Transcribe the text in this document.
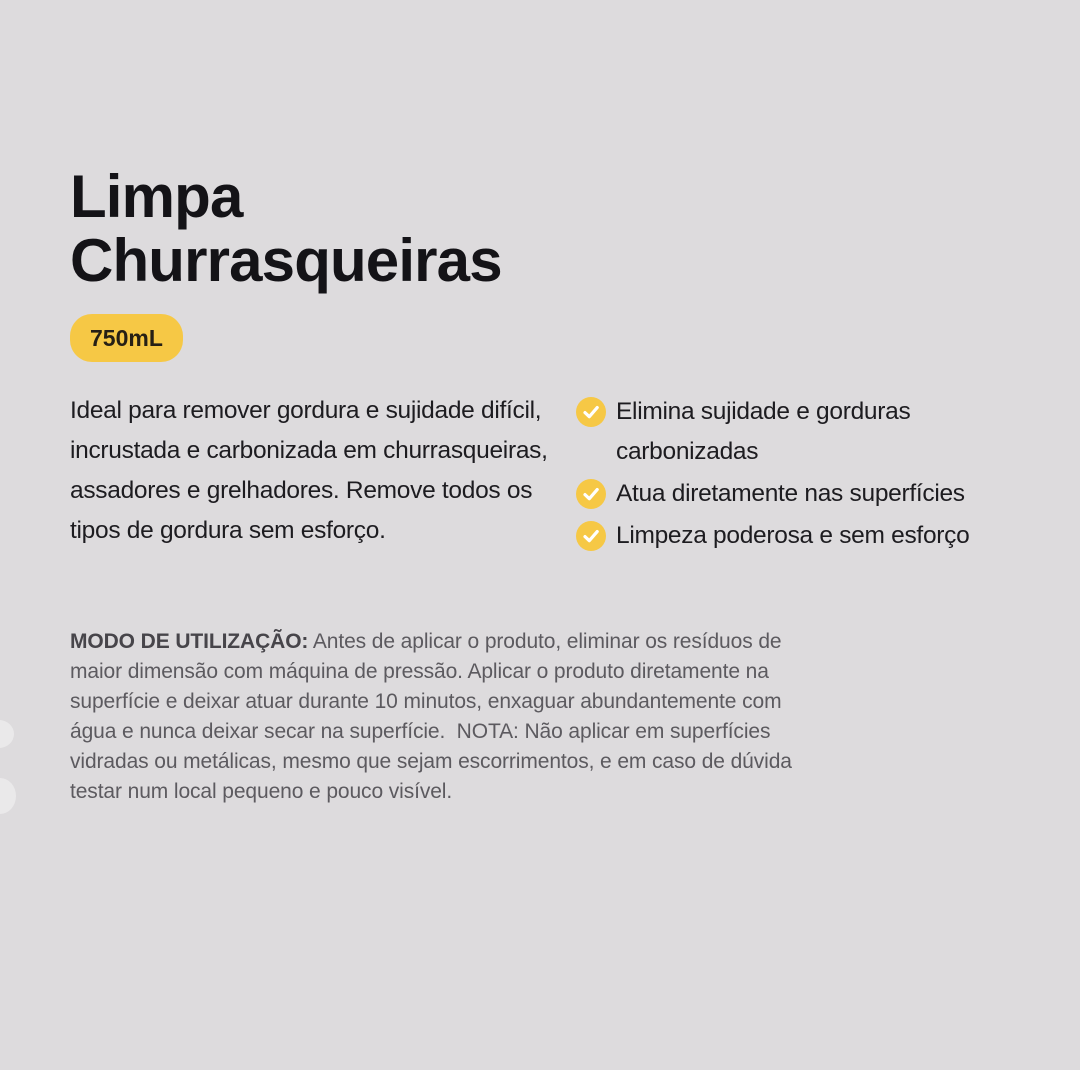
Limpa Churrasqueiras
750mL

Ideal para remover gordura e sujidade difícil, incrustada e carbonizada em churrasqueiras, assadores e grelhadores. Remove todos os tipos de gordura sem esforço.

Elimina sujidade e gorduras carbonizadas
Atua diretamente nas superfícies
Limpeza poderosa e sem esforço

MODO DE UTILIZAÇÃO: Antes de aplicar o produto, eliminar os resíduos de maior dimensão com máquina de pressão. Aplicar o produto diretamente na superfície e deixar atuar durante 10 minutos, enxaguar abundantemente com água e nunca deixar secar na superfície.  NOTA: Não aplicar em superfícies vidradas ou metálicas, mesmo que sejam escorrimentos, e em caso de dúvida testar num local pequeno e pouco visível.
